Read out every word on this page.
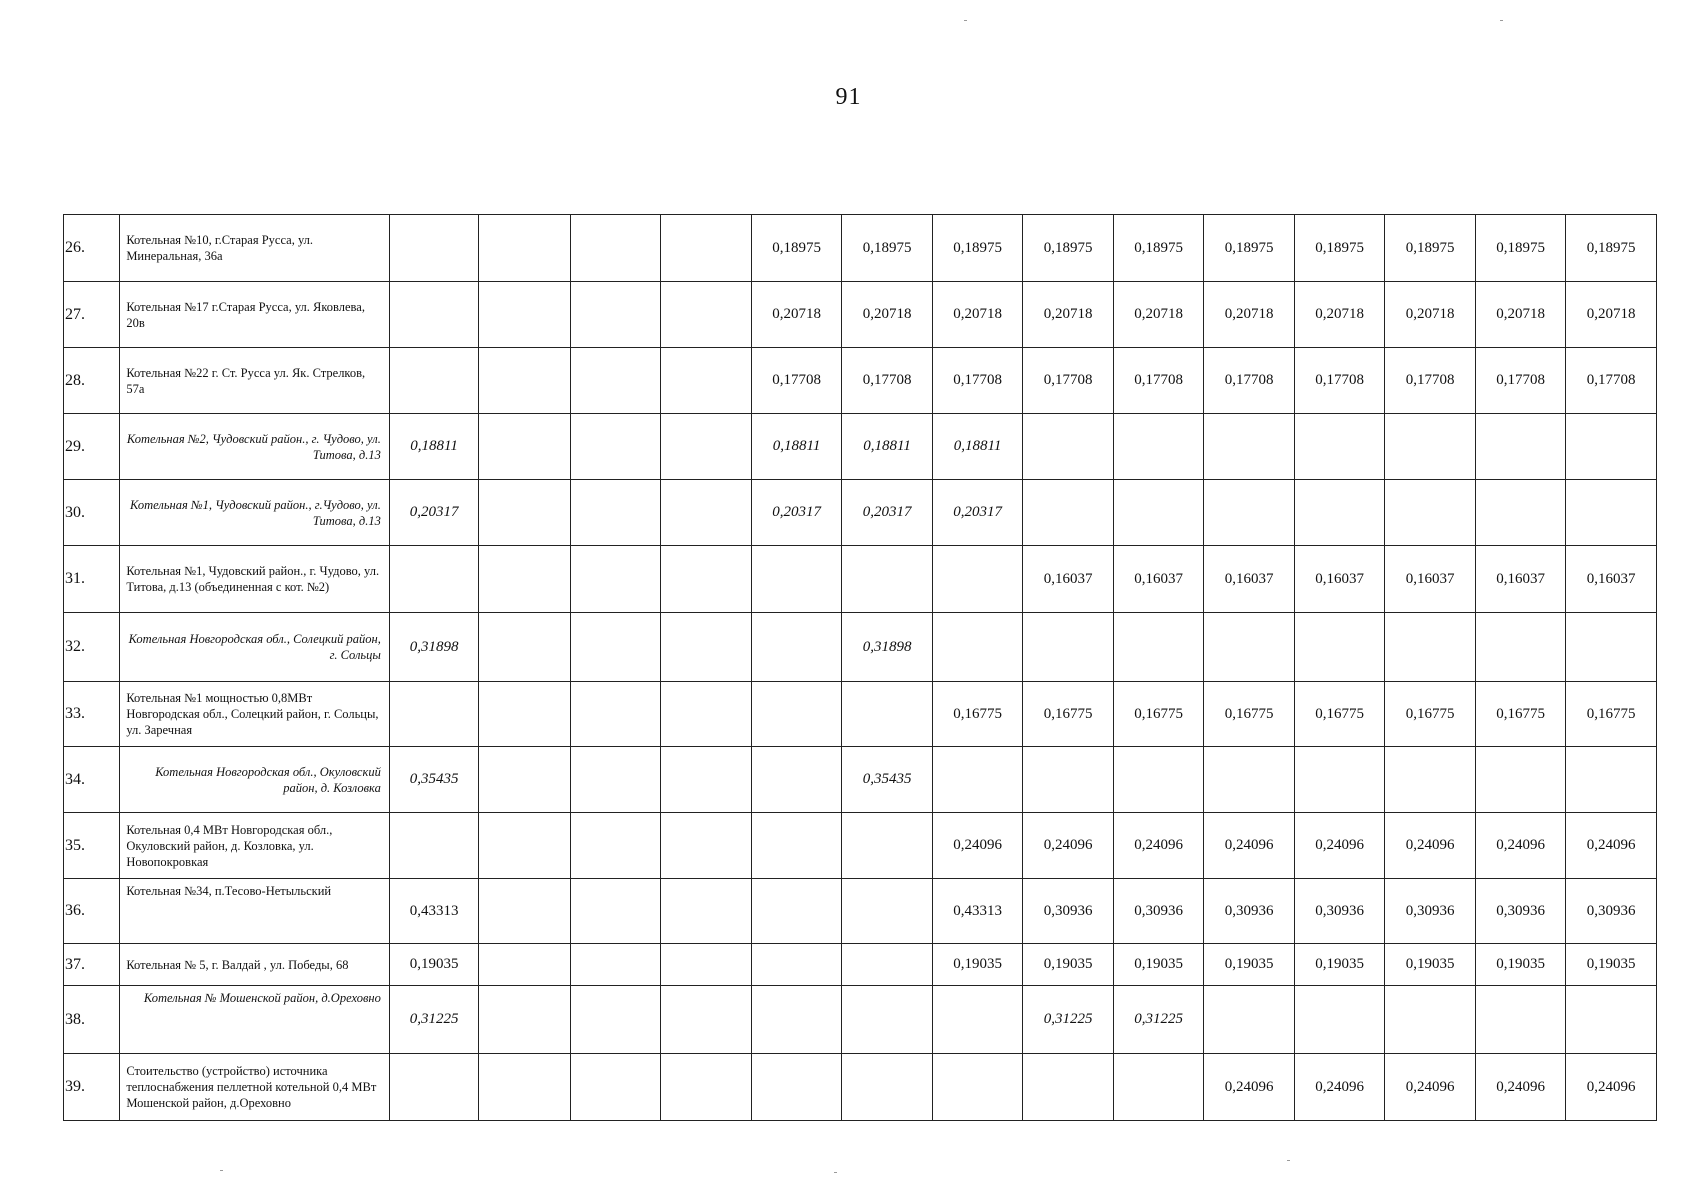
91
26.	Котельная №10, г.Старая Русса, ул. Минеральная, 36а					0,18975	0,18975	0,18975	0,18975	0,18975	0,18975	0,18975	0,18975	0,18975	0,18975
27.	Котельная №17 г.Старая Русса, ул. Яковлева, 20в					0,20718	0,20718	0,20718	0,20718	0,20718	0,20718	0,20718	0,20718	0,20718	0,20718
28.	Котельная №22 г. Ст. Русса ул. Як. Стрелков, 57а					0,17708	0,17708	0,17708	0,17708	0,17708	0,17708	0,17708	0,17708	0,17708	0,17708
29.	Котельная №2, Чудовский район., г. Чудово, ул. Титова, д.13	0,18811				0,18811	0,18811	0,18811							
30.	Котельная №1, Чудовский район., г.Чудово, ул. Титова, д.13	0,20317				0,20317	0,20317	0,20317							
31.	Котельная №1, Чудовский район., г. Чудово, ул. Титова, д.13 (объединенная с кот. №2)								0,16037	0,16037	0,16037	0,16037	0,16037	0,16037	0,16037
32.	Котельная Новгородская обл., Солецкий район, г. Сольцы	0,31898					0,31898								
33.	Котельная №1 мощностью 0,8МВт Новгородская обл., Солецкий район, г. Сольцы, ул. Заречная							0,16775	0,16775	0,16775	0,16775	0,16775	0,16775	0,16775	0,16775
34.	Котельная Новгородская обл., Окуловский район, д. Козловка	0,35435					0,35435								
35.	Котельная 0,4 МВт Новгородская обл., Окуловский район, д. Козловка, ул. Новопокровкая							0,24096	0,24096	0,24096	0,24096	0,24096	0,24096	0,24096	0,24096
36.	Котельная №34, п.Тесово-Нетыльский	0,43313						0,43313	0,30936	0,30936	0,30936	0,30936	0,30936	0,30936	0,30936
37.	Котельная № 5, г. Валдай , ул. Победы, 68	0,19035						0,19035	0,19035	0,19035	0,19035	0,19035	0,19035	0,19035	0,19035
38.	Котельная № Мошенской район, д.Ореховно	0,31225							0,31225	0,31225					
39.	Стоительство (устройство) источника теплоснабжения пеллетной котельной 0,4 МВт Мошенской район, д.Ореховно										0,24096	0,24096	0,24096	0,24096	0,24096
